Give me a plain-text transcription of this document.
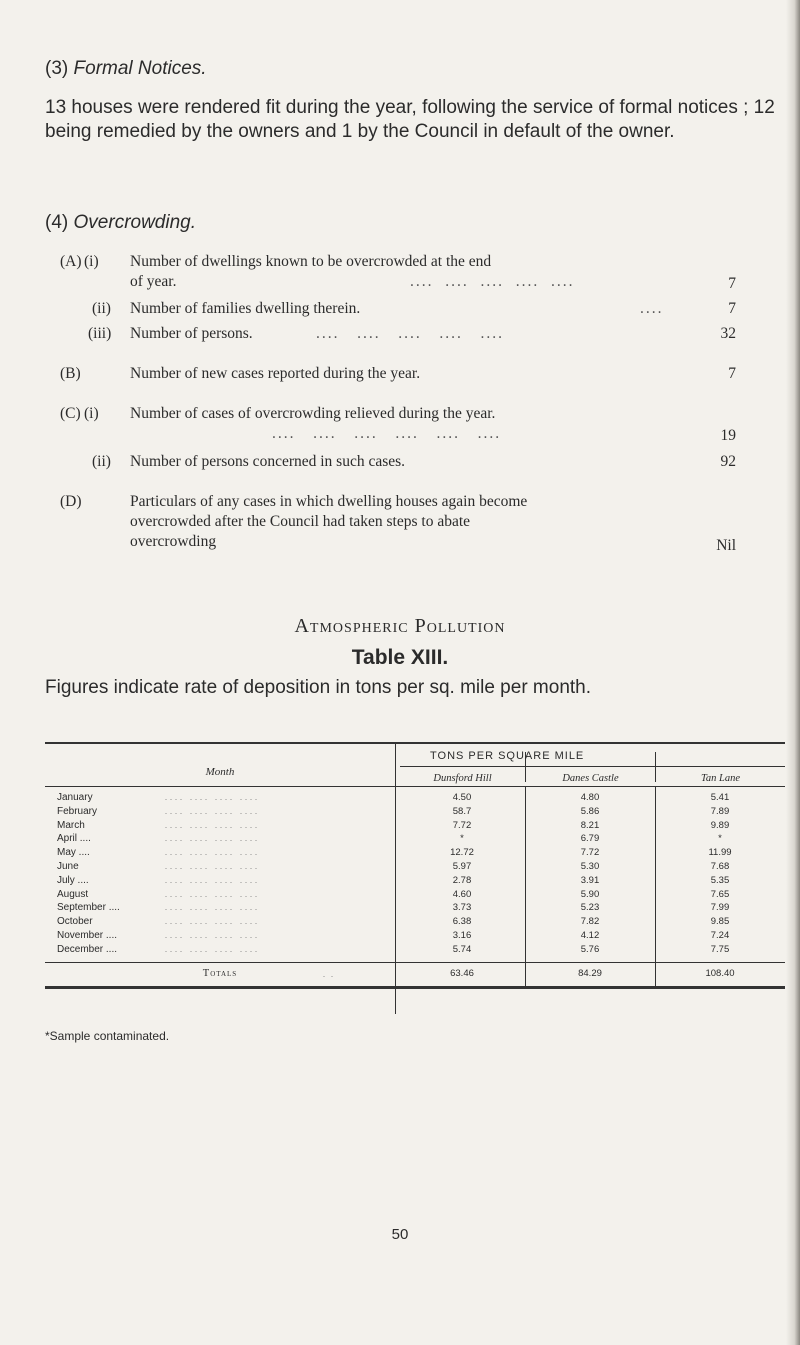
(3) Formal Notices.
13 houses were rendered fit during the year, following the service of formal notices ; 12 being remedied by the owners and 1 by the Council in default of the owner.
(4) Overcrowding.
(A) (i) Number of dwellings known to be overcrowded at the end of year.	....  ....  ....  ....  ....	7
(ii) Number of families dwelling therein.	....	7
(iii) Number of persons.	....   ....   ....   ....   ....	32
(B)	Number of new cases reported during the year.	7
(C) (i) Number of cases of overcrowding relieved during the year.
....   ....   ....   ....   ....   ....	19
(ii) Number of persons concerned in such cases.	92
(D)	Particulars of any cases in which dwelling houses again become overcrowded after the Council had taken steps to abate overcrowding	Nil
Atmospheric Pollution
Table XIII.
Figures indicate rate of deposition in tons per sq. mile per month.
Month
TONS PER SQUARE MILE
Dunsford Hill	Danes Castle	Tan Lane
January	.... .... .... ....	4.50	4.80	5.41
February	.... .... .... ....	58.7	5.86	7.89
March	.... .... .... ....	7.72	8.21	9.89
April ....	.... .... .... ....	*	6.79	*
May ....	.... .... .... ....	12.72	7.72	11.99
June	.... .... .... ....	5.97	5.30	7.68
July ....	.... .... .... ....	2.78	3.91	5.35
August	.... .... .... ....	4.60	5.90	7.65
September ....	.... .... .... ....	3.73	5.23	7.99
October	.... .... .... ....	6.38	7.82	9.85
November ....	.... .... .... ....	3.16	4.12	7.24
December ....	.... .... .... ....	5.74	5.76	7.75
Totals	. .	63.46	84.29	108.40
*Sample contaminated.
50
